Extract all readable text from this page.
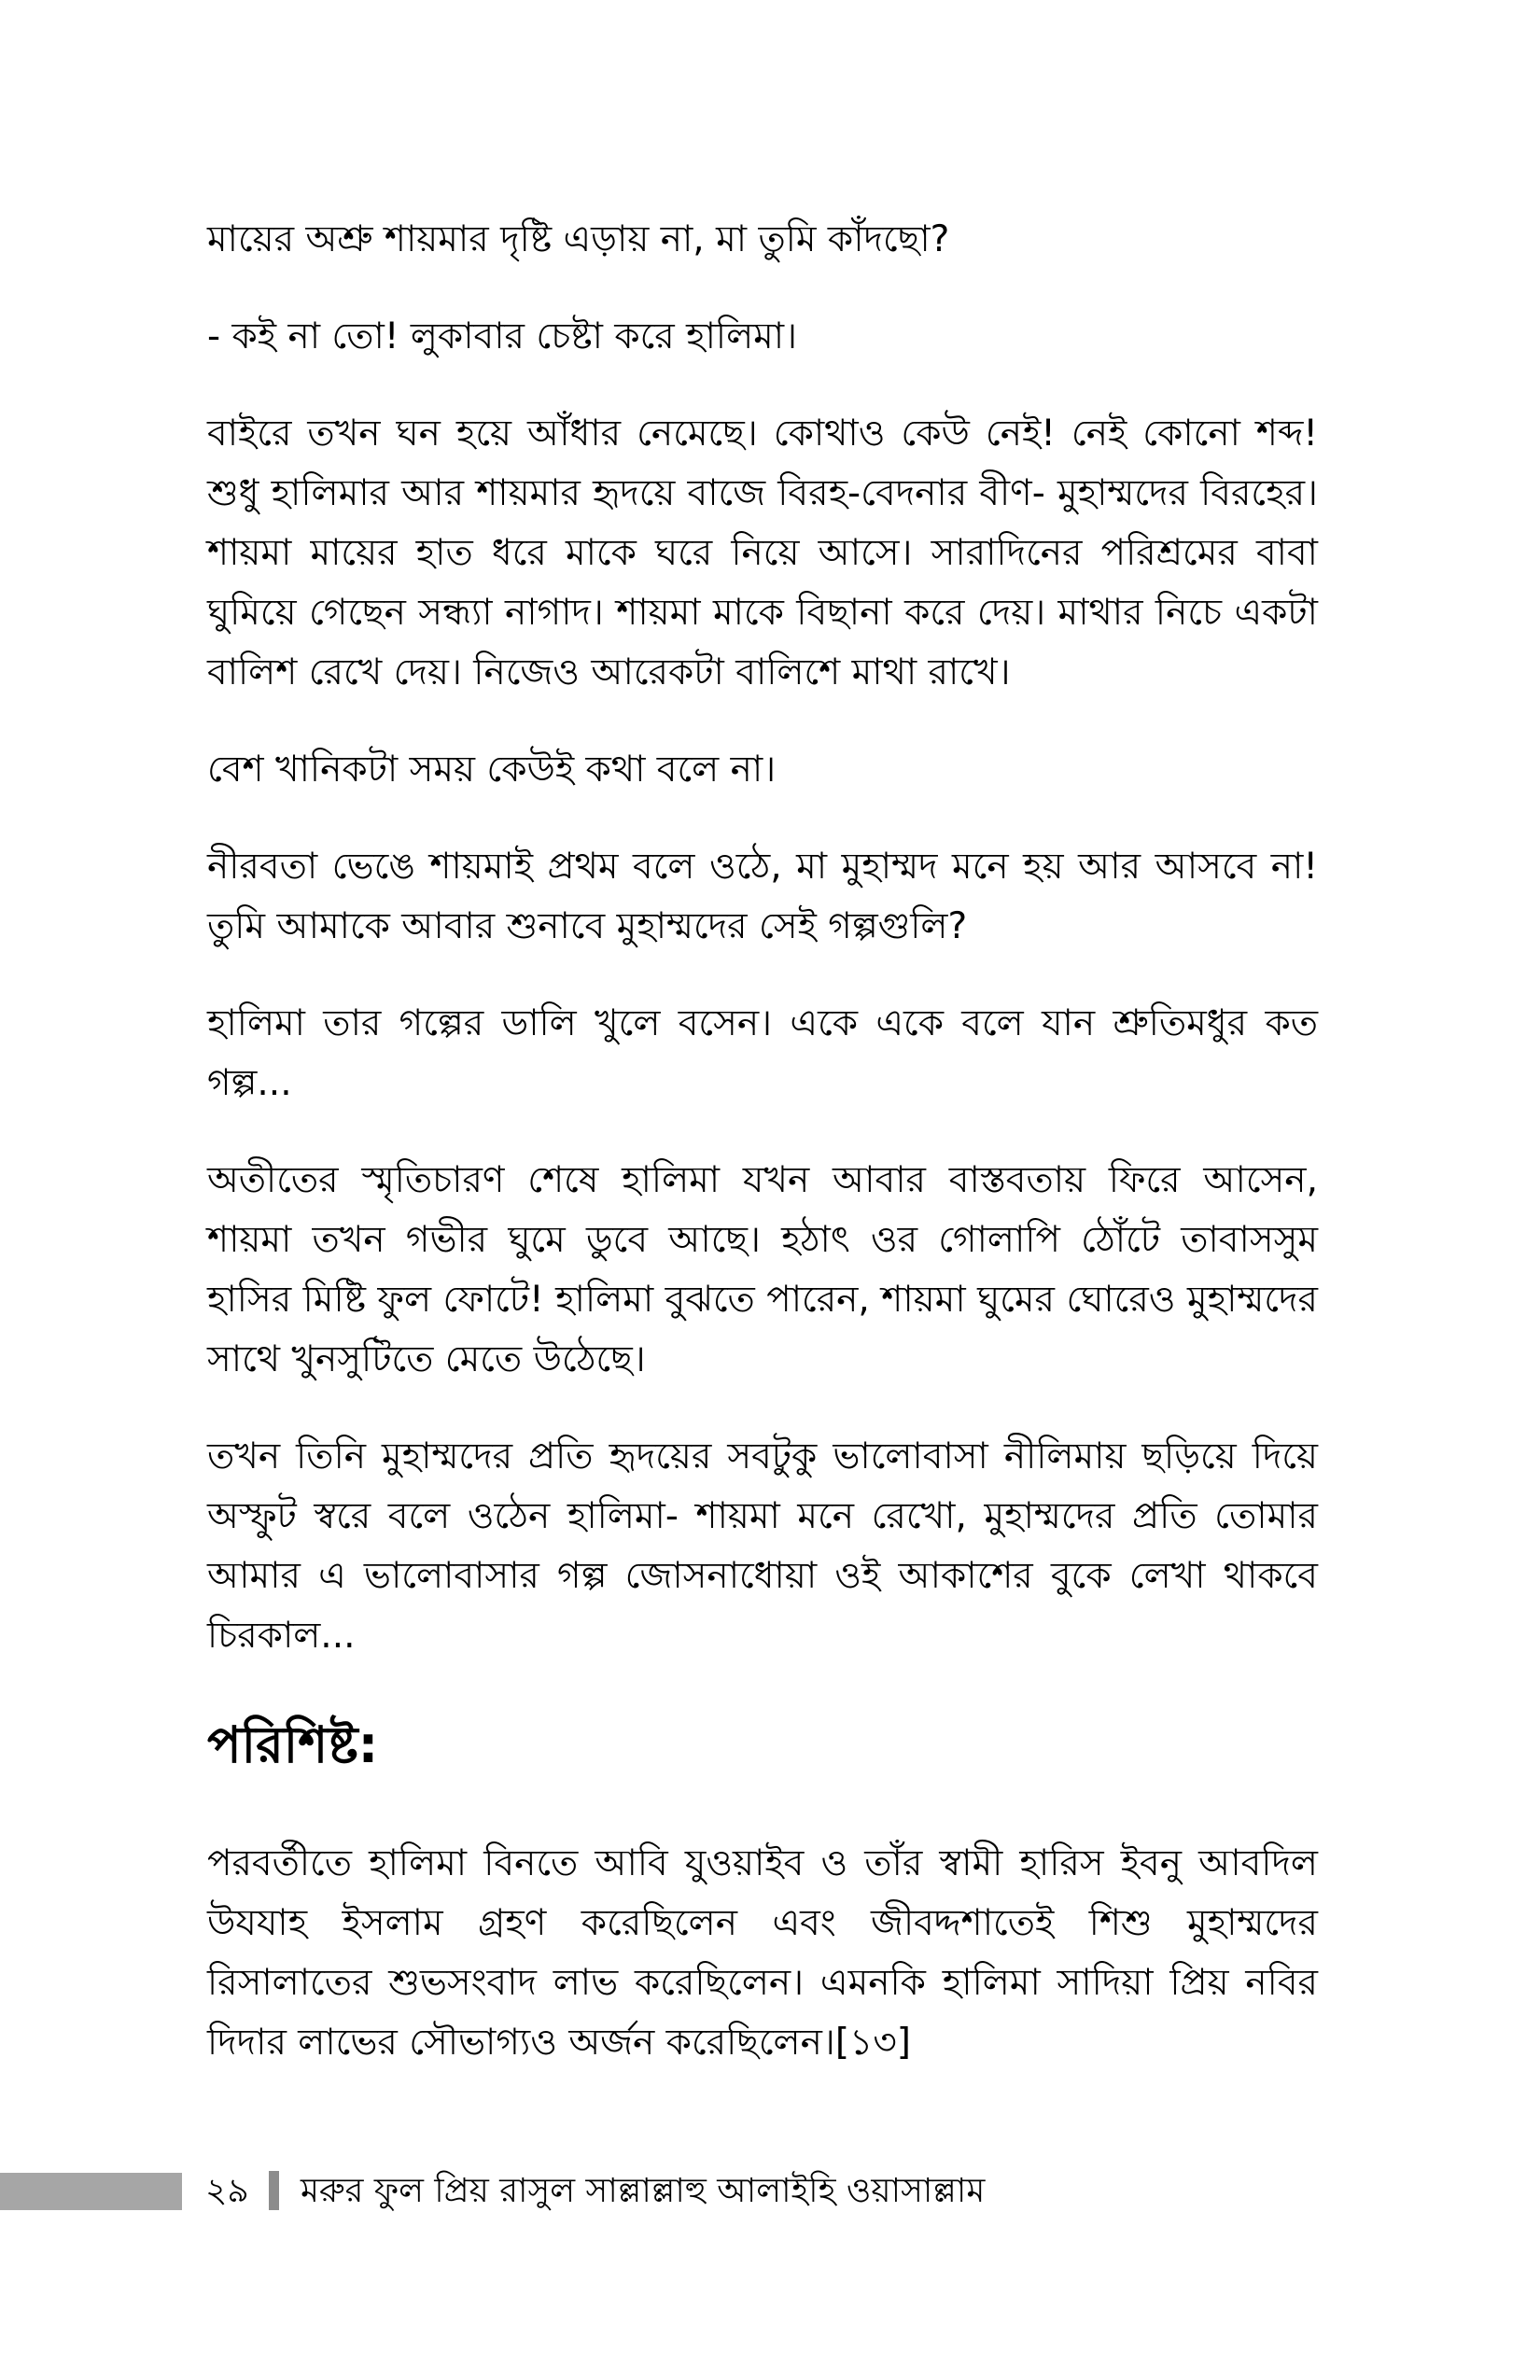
মায়ের অশ্রু শায়মার দৃষ্টি এড়ায় না, মা তুমি কাঁদছো?

- কই না তো! লুকাবার চেষ্টা করে হালিমা।

বাইরে তখন ঘন হয়ে আঁধার নেমেছে। কোথাও কেউ নেই! নেই কোনো শব্দ! শুধু হালিমার আর শায়মার হৃদয়ে বাজে বিরহ-বেদনার বীণ- মুহাম্মদের বিরহের। শায়মা মায়ের হাত ধরে মাকে ঘরে নিয়ে আসে। সারাদিনের পরিশ্রমের বাবা ঘুমিয়ে গেছেন সন্ধ্যা নাগাদ। শায়মা মাকে বিছানা করে দেয়। মাথার নিচে একটা বালিশ রেখে দেয়। নিজেও আরেকটা বালিশে মাথা রাখে।

বেশ খানিকটা সময় কেউই কথা বলে না।

নীরবতা ভেঙে শায়মাই প্রথম বলে ওঠে, মা মুহাম্মদ মনে হয় আর আসবে না! তুমি আমাকে আবার শুনাবে মুহাম্মদের সেই গল্পগুলি?

হালিমা তার গল্পের ডালি খুলে বসেন। একে একে বলে যান শ্রুতিমধুর কত গল্প...

অতীতের স্মৃতিচারণ শেষে হালিমা যখন আবার বাস্তবতায় ফিরে আসেন, শায়মা তখন গভীর ঘুমে ডুবে আছে। হঠাৎ ওর গোলাপি ঠোঁটে তাবাসসুম হাসির মিষ্টি ফুল ফোটে! হালিমা বুঝতে পারেন, শায়মা ঘুমের ঘোরেও মুহাম্মদের সাথে খুনসুটিতে মেতে উঠেছে।

তখন তিনি মুহাম্মদের প্রতি হৃদয়ের সবটুকু ভালোবাসা নীলিমায় ছড়িয়ে দিয়ে অস্ফুট স্বরে বলে ওঠেন হালিমা- শায়মা মনে রেখো, মুহাম্মদের প্রতি তোমার আমার এ ভালোবাসার গল্প জোসনাধোয়া ওই আকাশের বুকে লেখা থাকবে চিরকাল...

পরিশিষ্ট:

পরবর্তীতে হালিমা বিনতে আবি যুওয়াইব ও তাঁর স্বামী হারিস ইবনু আবদিল উযযাহ ইসলাম গ্রহণ করেছিলেন এবং জীবদ্দশাতেই শিশু মুহাম্মদের রিসালাতের শুভসংবাদ লাভ করেছিলেন। এমনকি হালিমা সাদিয়া প্রিয় নবির দিদার লাভের সৌভাগ্যও অর্জন করেছিলেন।[১৩]

২৯ মরুর ফুল প্রিয় রাসুল সাল্লাল্লাহু আলাইহি ওয়াসাল্লাম
